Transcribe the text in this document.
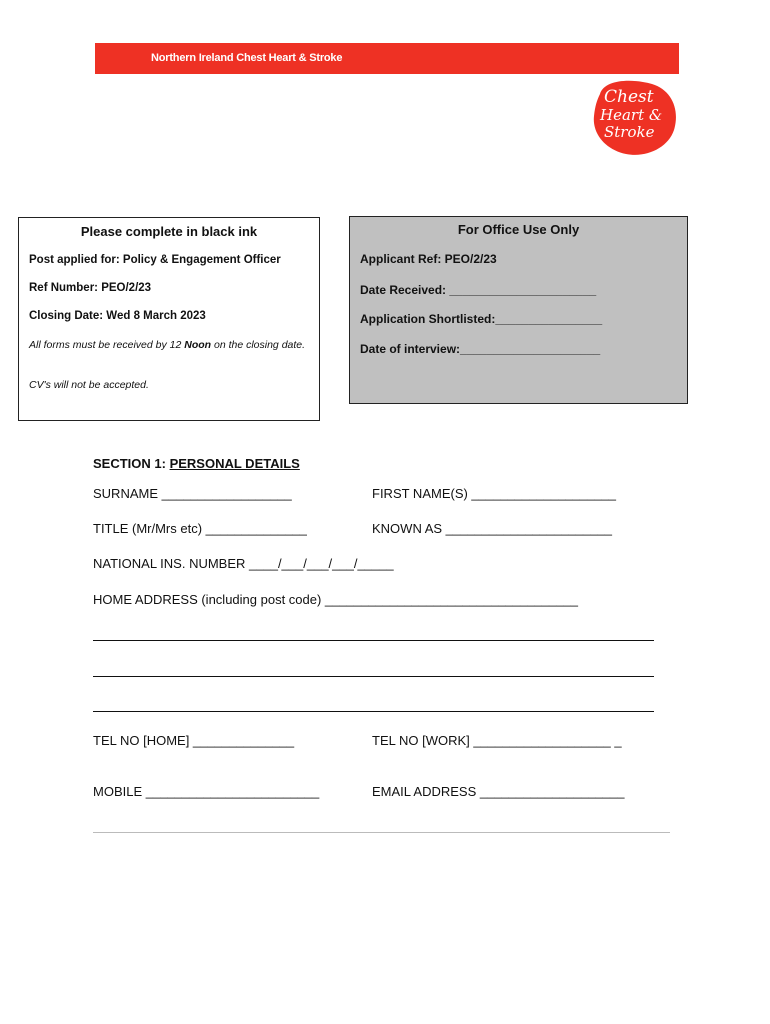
Northern Ireland Chest Heart & Stroke
Chest
Heart &
Stroke
Please complete in black ink
Post applied for: Policy & Engagement Officer
Ref Number: PEO/2/23
Closing Date: Wed 8 March 2023
All forms must be received by 12 Noon on the closing date.
CV's will not be accepted.
For Office Use Only
Applicant Ref: PEO/2/23
Date Received: ______________________
Application Shortlisted:________________
Date of interview:_____________________
SECTION 1: PERSONAL DETAILS
SURNAME __________________	FIRST NAME(S) ____________________
TITLE (Mr/Mrs etc) ______________	KNOWN AS _______________________
NATIONAL INS. NUMBER ____/___/___/___/_____
HOME ADDRESS (including post code) ___________________________________
TEL NO [HOME] ______________	TEL NO [WORK] ___________________ _
MOBILE ________________________	EMAIL ADDRESS ____________________
